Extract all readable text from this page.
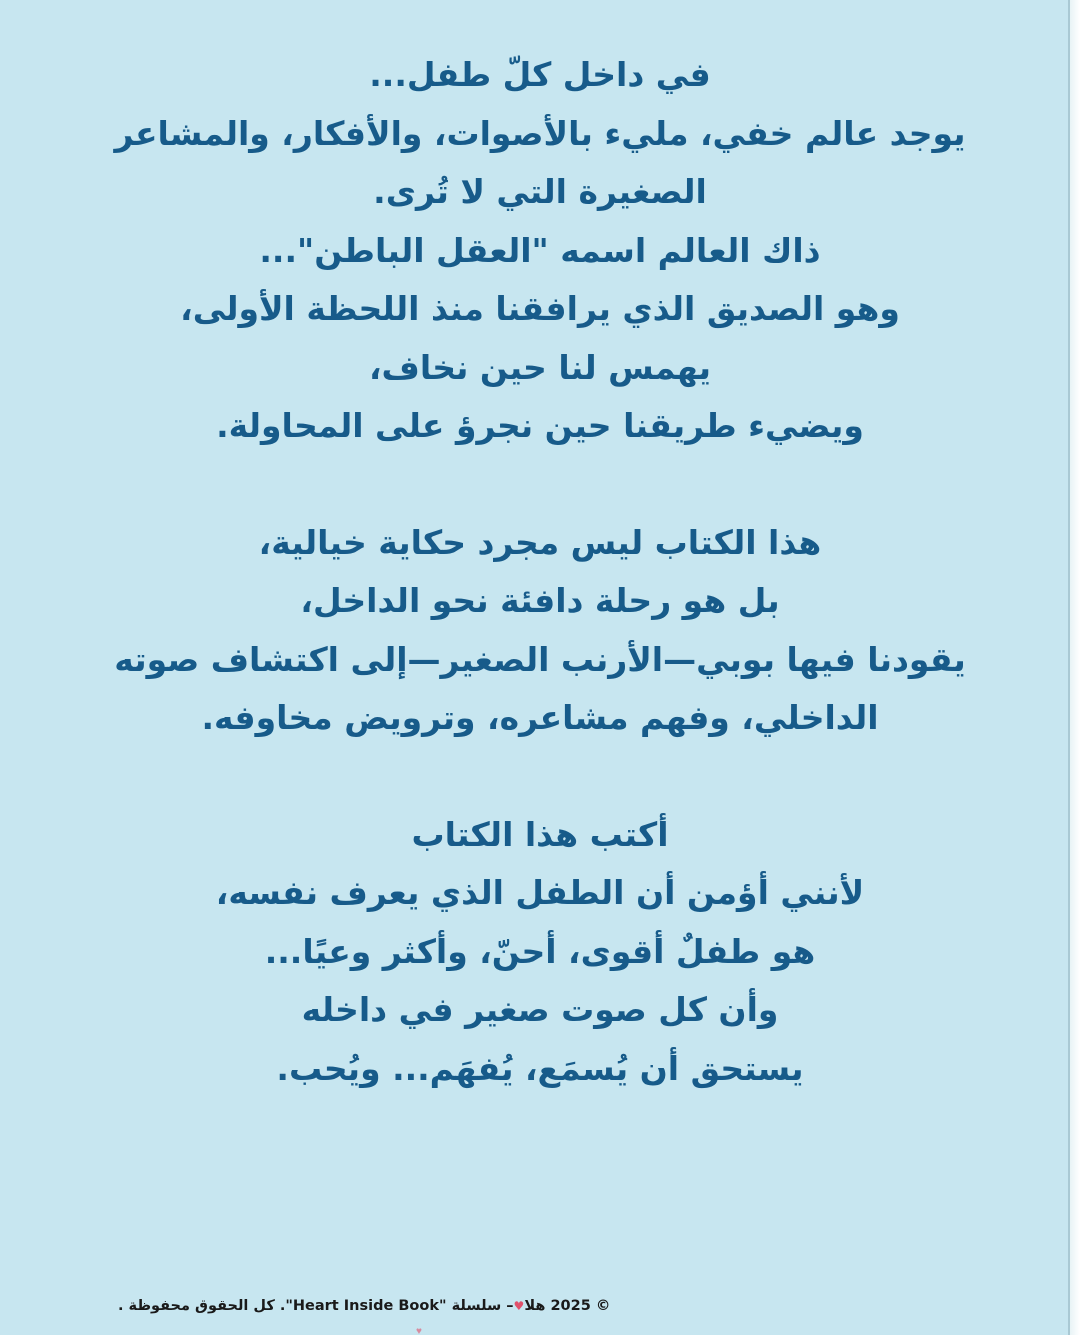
في داخل كلّ طفل...
يوجد عالم خفي، مليء بالأصوات، والأفكار، والمشاعر
الصغيرة التي لا تُرى.
ذاك العالم اسمه "العقل الباطن"...
وهو الصديق الذي يرافقنا منذ اللحظة الأولى،
يهمس لنا حين نخاف،
ويضيء طريقنا حين نجرؤ على المحاولة.
هذا الكتاب ليس مجرد حكاية خيالية،
بل هو رحلة دافئة نحو الداخل،
يقودنا فيها بوبي—الأرنب الصغير—إلى اكتشاف صوته
الداخلي، وفهم مشاعره، وترويض مخاوفه.
أكتب هذا الكتاب
لأنني أؤمن أن الطفل الذي يعرف نفسه،
هو طفلٌ أقوى، أحنّ، وأكثر وعيًا...
وأن كل صوت صغير في داخله
يستحق أن يُسمَع، يُفهَم... ويُحب.
© 2025 هلا♥– سلسلة "Heart Inside Book". كل الحقوق محفوظة .
♥
